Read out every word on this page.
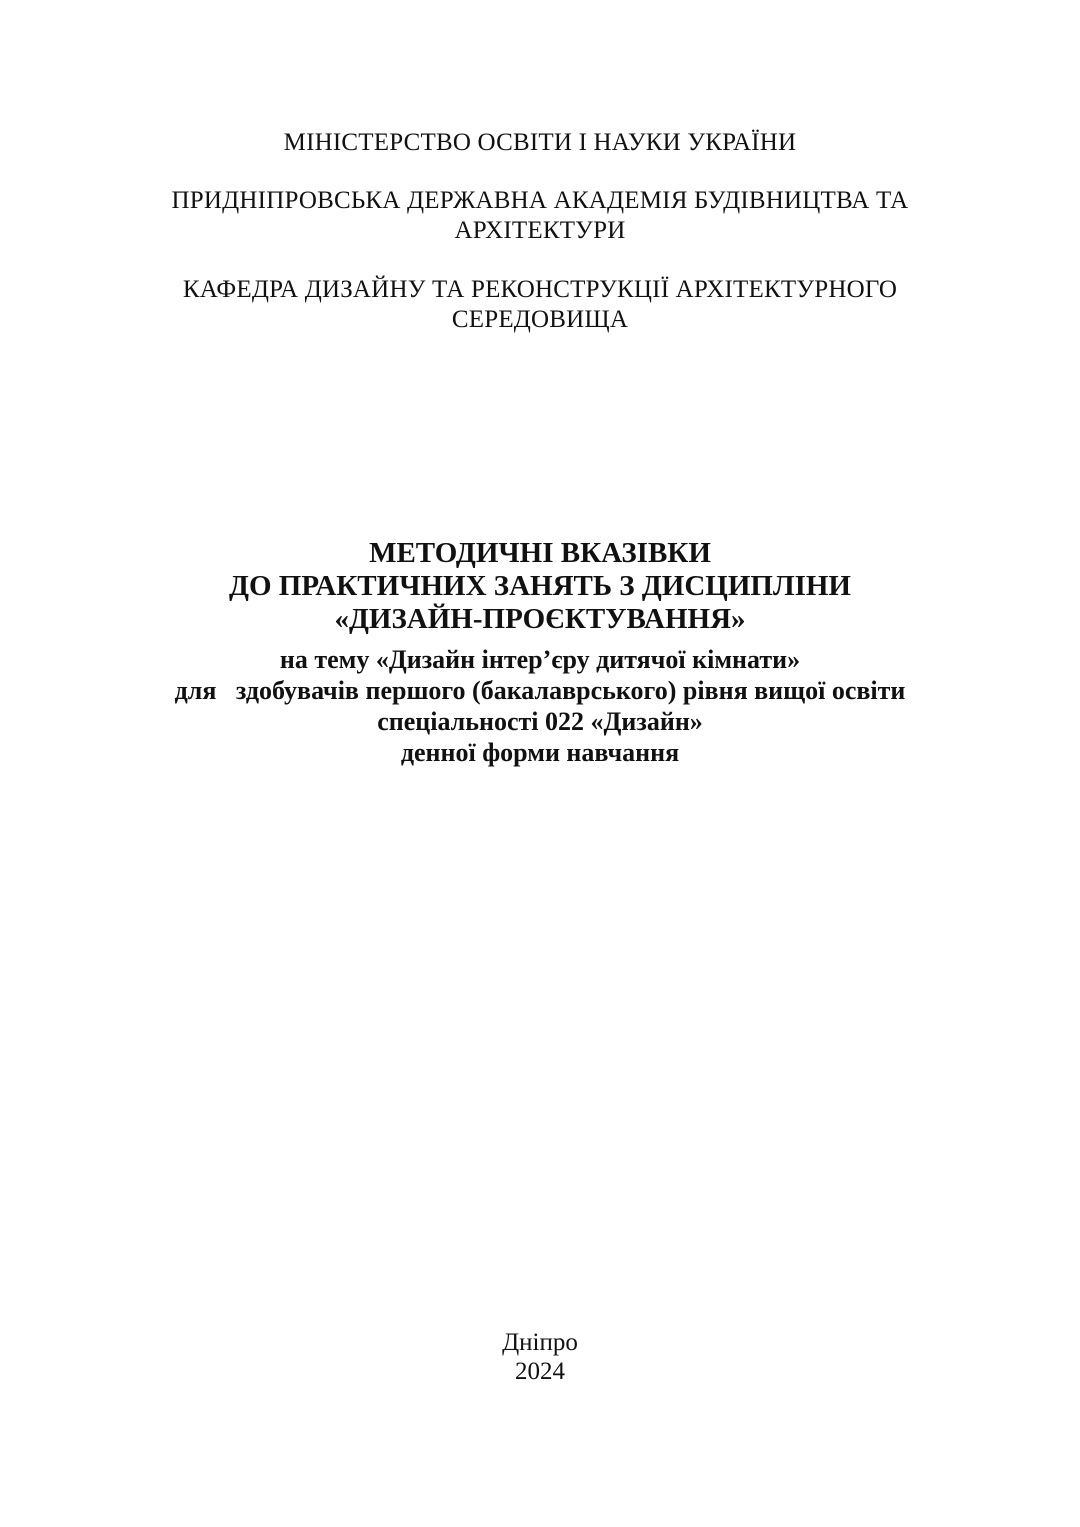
МІНІСТЕРСТВО ОСВІТИ І НАУКИ УКРАЇНИ
ПРИДНІПРОВСЬКА ДЕРЖАВНА АКАДЕМІЯ БУДІВНИЦТВА ТА
АРХІТЕКТУРИ
КАФЕДРА ДИЗАЙНУ ТА РЕКОНСТРУКЦІЇ АРХІТЕКТУРНОГО
СЕРЕДОВИЩА
МЕТОДИЧНІ ВКАЗІВКИ
ДО ПРАКТИЧНИХ ЗАНЯТЬ З ДИСЦИПЛІНИ
«ДИЗАЙН-ПРОЄКТУВАННЯ»
на тему «Дизайн інтер’єру дитячої кімнати»
для   здобувачів першого (бакалаврського) рівня вищої освіти
спеціальності 022 «Дизайн»
денної форми навчання
Дніпро
2024
